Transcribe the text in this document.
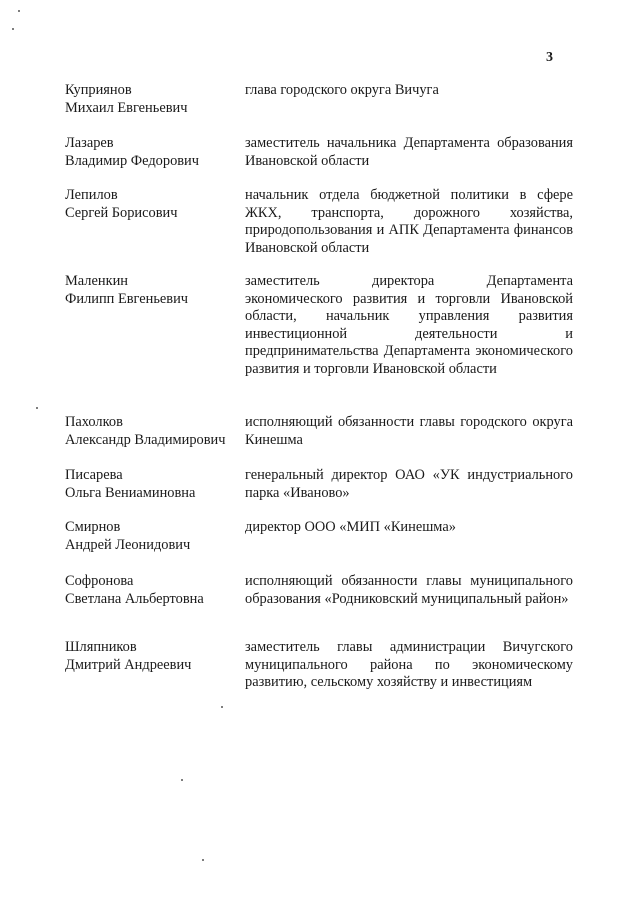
3
Куприянов
Михаил Евгеньевич
глава городского округа Вичуга
Лазарев
Владимир Федорович
заместитель начальника Департамента образования Ивановской области
Лепилов
Сергей Борисович
начальник отдела бюджетной политики в сфере ЖКХ, транспорта, дорожного хозяйства, природопользования и АПК Департамента финансов Ивановской области
Маленкин
Филипп Евгеньевич
заместитель директора Департамента экономического развития и торговли Ивановской области, начальник управления развития инвестиционной деятельности и предпринимательства Департамента экономического развития и торговли Ивановской области
Пахолков
Александр Владимирович
исполняющий обязанности главы городского округа Кинешма
Писарева
Ольга Вениаминовна
генеральный директор ОАО «УК индустриального парка «Иваново»
Смирнов
Андрей Леонидович
директор ООО «МИП «Кинешма»
Софронова
Светлана Альбертовна
исполняющий обязанности главы муниципального образования «Родниковский муниципальный район»
Шляпников
Дмитрий Андреевич
заместитель главы администрации Вичугского муниципального района по экономическому развитию, сельскому хозяйству и инвестициям
